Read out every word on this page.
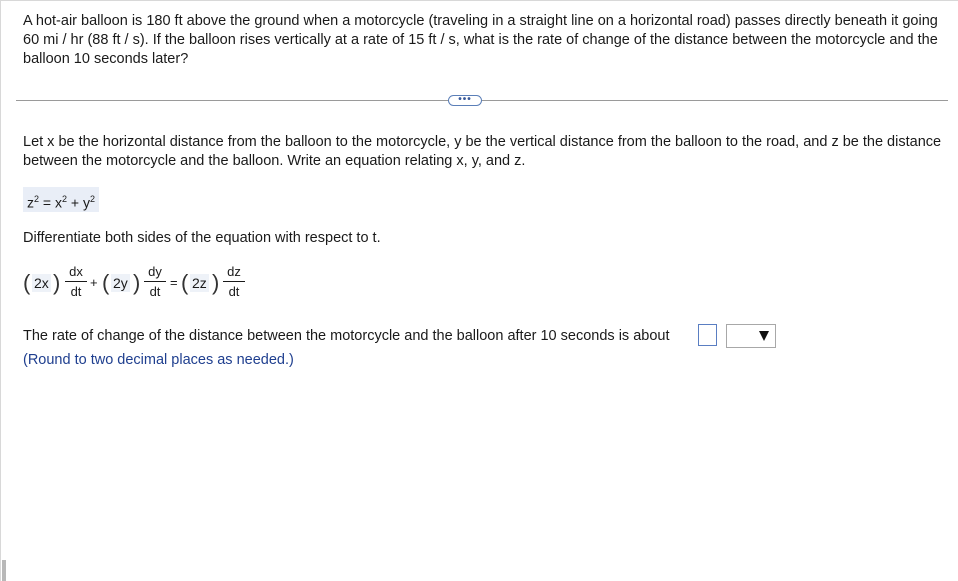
A hot-air balloon is 180 ft above the ground when a motorcycle (traveling in a straight line on a horizontal road) passes directly beneath it going 60 mi / hr (88 ft / s). If the balloon rises vertically at a rate of 15 ft / s, what is the rate of change of the distance between the motorcycle and the balloon 10 seconds later?
•••
Let x be the horizontal distance from the balloon to the motorcycle, y be the vertical distance from the balloon to the road, and z be the distance between the motorcycle and the balloon. Write an equation relating x, y, and z.
$z^2 = x^2 + y^2$
Differentiate both sides of the equation with respect to t.
( 2x ) dx
dt
+ ( 2y ) dy
dt
= ( 2z ) dz
dt
The rate of change of the distance between the motorcycle and the balloon after 10 seconds is about
(Round to two decimal places as needed.)
